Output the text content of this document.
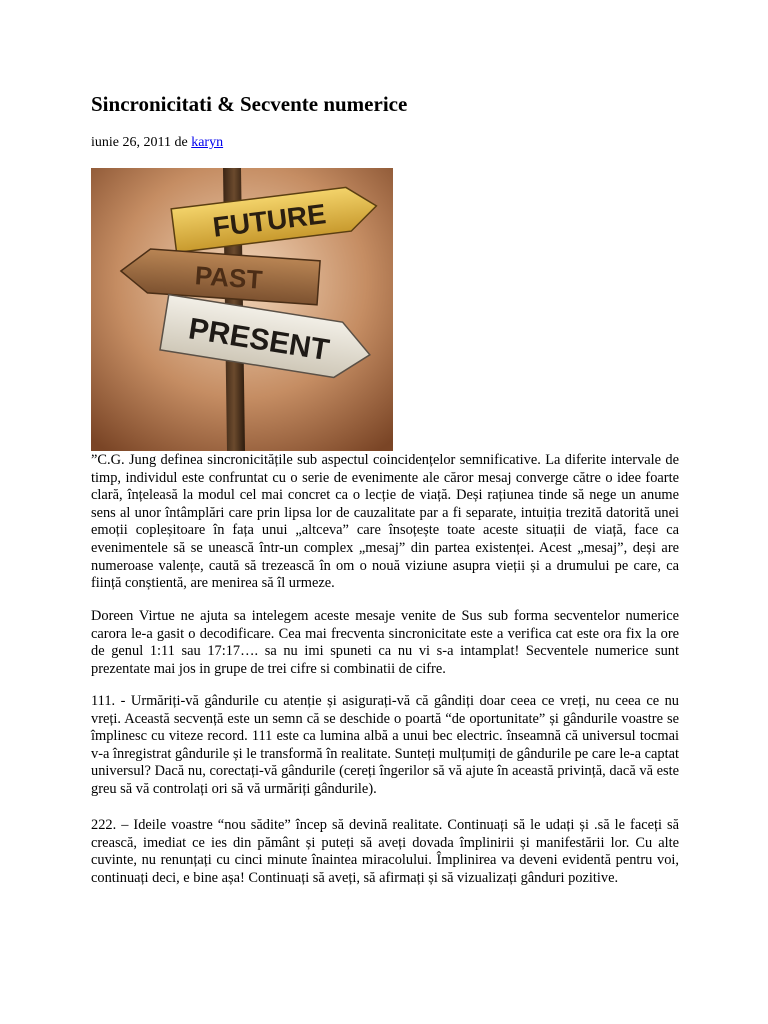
Sincronicitati & Secvente numerice
iunie 26, 2011 de karyn
FUTURE
PAST
PRESENT

”C.G. Jung definea sincronicitățile sub aspectul coincidențelor semnificative. La diferite intervale de timp, individul este confruntat cu o serie de evenimente ale căror mesaj converge către o idee foarte clară, înțeleasă la modul cel mai concret ca o lecție de viață. Deși rațiunea tinde să nege un anume sens al unor întâmplări care prin lipsa lor de cauzalitate par a fi separate, intuiția trezită datorită unei emoții copleșitoare în fața unui „altceva” care însoțește toate aceste situații de viață, face ca evenimentele să se unească într-un complex „mesaj” din partea existenței. Acest „mesaj”, deși are numeroase valențe, caută să trezească în om o nouă viziune asupra vieții și a drumului pe care, ca ființă conștientă, are menirea să îl urmeze.

Doreen Virtue ne ajuta sa intelegem aceste mesaje venite de Sus sub forma secventelor numerice carora le-a gasit o decodificare. Cea mai frecventa sincronicitate este a verifica cat este ora fix la ore de genul 1:11 sau 17:17…. sa nu imi spuneti ca nu vi s-a intamplat! Secventele numerice sunt prezentate mai jos in grupe de trei cifre si combinatii de cifre.

111. - Urmăriți-vă gândurile cu atenție și asigurați-vă că gândiți doar ceea ce vreți, nu ceea ce nu vreți. Această secvență este un semn că se deschide o poartă “de oportunitate” și gândurile voastre se împlinesc cu viteze record. 111 este ca lumina albă a unui bec electric. înseamnă că universul tocmai v-a înregistrat gândurile și le transformă în realitate. Sunteți mulțumiți de gândurile pe care le-a captat universul? Dacă nu, corectați-vă gândurile (cereți îngerilor să vă ajute în această privință, dacă vă este greu să vă controlați ori să vă urmăriți gândurile).

222. – Ideile voastre “nou sădite” încep să devină realitate. Continuați să le udați și .să le faceți să crească, imediat ce ies din pământ și puteți să aveți dovada împlinirii și manifestării lor. Cu alte cuvinte, nu renunțați cu cinci minute înaintea miracolului. Împlinirea va deveni evidentă pentru voi, continuați deci, e bine așa! Continuați să aveți, să afirmați și să vizualizați gânduri pozitive.
